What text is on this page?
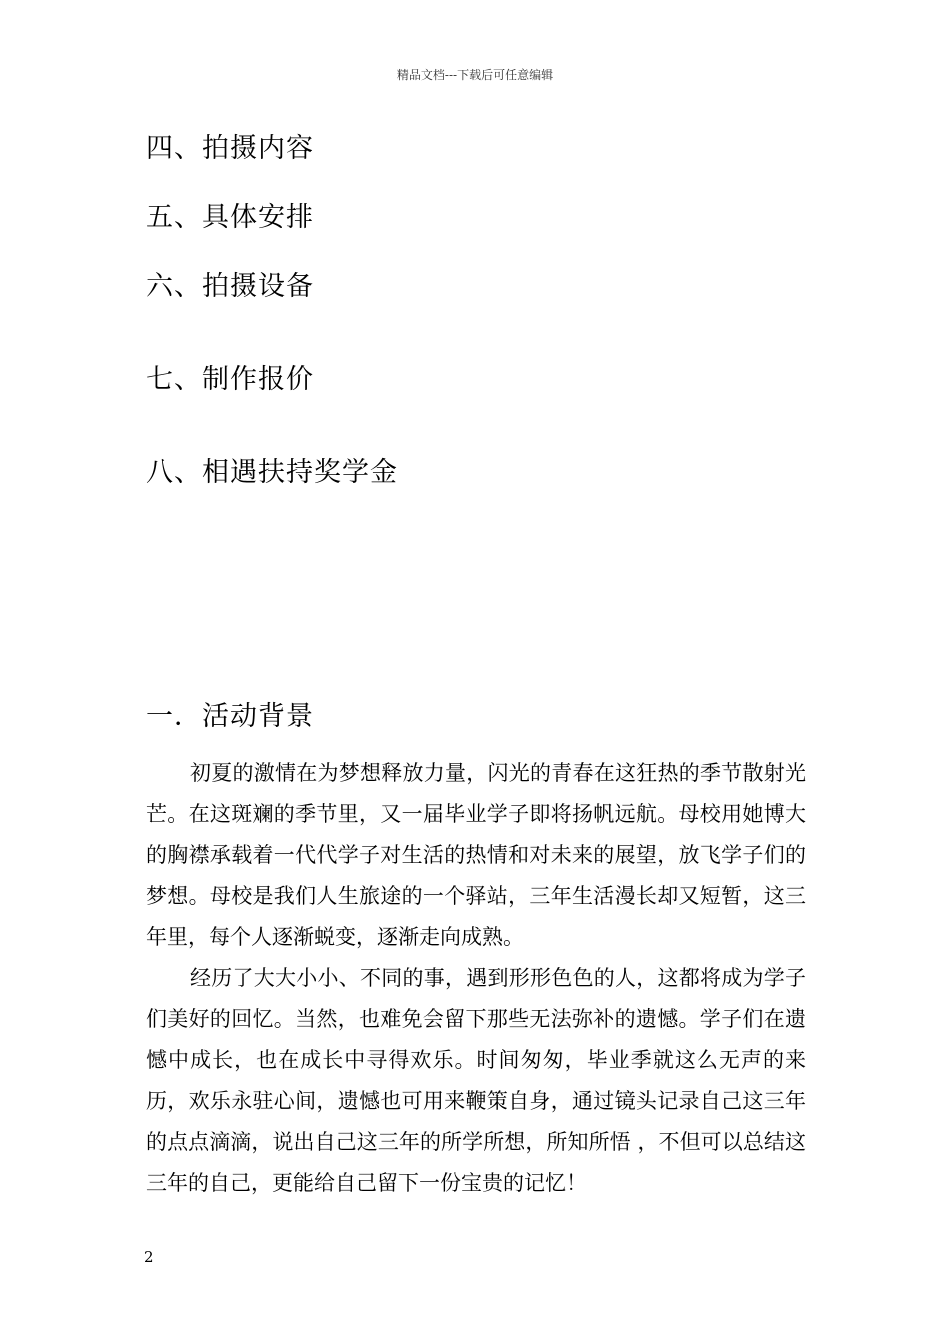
精品文档---下载后可任意编辑
四、拍摄内容
五、具体安排
六、拍摄设备
七、制作报价
八、相遇扶持奖学金
一．活动背景
初夏的激情在为梦想释放力量，闪光的青春在这狂热的季节散射光芒。在这斑斓的季节里，又一届毕业学子即将扬帆远航。母校用她博大的胸襟承载着一代代学子对生活的热情和对未来的展望，放飞学子们的梦想。母校是我们人生旅途的一个驿站，三年生活漫长却又短暂，这三年里，每个人逐渐蜕变，逐渐走向成熟。
经历了大大小小、不同的事，遇到形形色色的人，这都将成为学子们美好的回忆。当然，也难免会留下那些无法弥补的遗憾。学子们在遗憾中成长，也在成长中寻得欢乐。时间匆匆，毕业季就这么无声的来历，欢乐永驻心间，遗憾也可用来鞭策自身，通过镜头记录自己这三年的点点滴滴，说出自己这三年的所学所想，所知所悟 ，不但可以总结这三年的自己，更能给自己留下一份宝贵的记忆！
2
